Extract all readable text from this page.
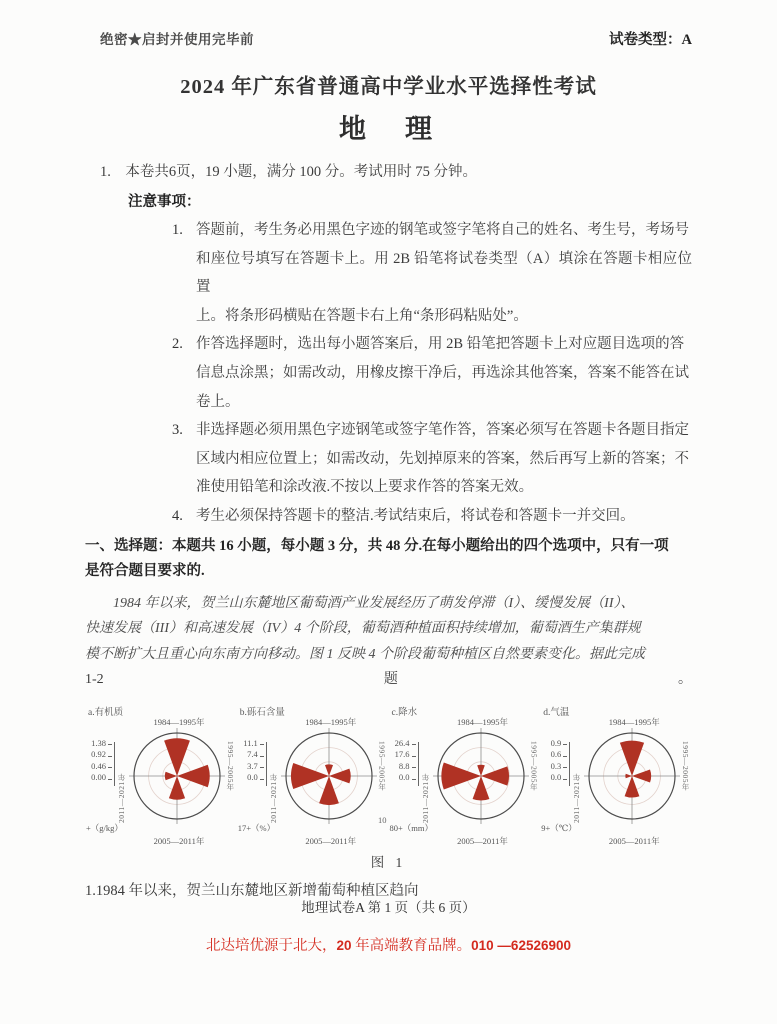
绝密★启封并使用完毕前	试卷类型：A
2024 年广东省普通高中学业水平选择性考试
地　理
1.　本卷共6页，19 小题，满分 100 分。考试用时 75 分钟。
注意事项：
1. 答题前，考生务必用黑色字迹的钢笔或签字笔将自己的姓名、考生号，考场号
和座位号填写在答题卡上。用 2B 铅笔将试卷类型（A）填涂在答题卡相应位置
上。将条形码横贴在答题卡右上角“条形码粘贴处”。
2. 作答选择题时，选出每小题答案后，用 2B 铅笔把答题卡上对应题目选项的答
信息点涂黑；如需改动，用橡皮擦干净后，再选涂其他答案，答案不能答在试
卷上。
3. 非选择题必须用黑色字迹钢笔或签字笔作答，答案必须写在答题卡各题目指定
区域内相应位置上；如需改动，先划掉原来的答案，然后再写上新的答案；不
准使用铅笔和涂改液.不按以上要求作答的答案无效。
4. 考生必须保持答题卡的整洁.考试结束后，将试卷和答题卡一并交回。
一、选择题：本题共 16 小题，每小题 3 分，共 48 分.在每小题给出的四个选项中，只有一项
是符合题目要求的.
1984 年以来，贺兰山东麓地区葡萄酒产业发展经历了萌发停滞（I）、缓慢发展（II）、
快速发展（III）和高速发展（IV）4 个阶段，葡萄酒种植面积持续增加，葡萄酒生产集群规
模不断扩大且重心向东南方向移动。图 1 反映 4 个阶段葡萄种植区自然要素变化。据此完成
1-2	题	。
a.有机质
1984—1995年
1.38
0.92
0.46
0.00	2011—2021年
1995—2005年
+（g/kg）
2005—2011年
b.砾石含量
1984—1995年
11.1
7.4
3.7
0.0	2011—2021年
1995—2005年
17+（%）
10
2005—2011年
c.降水
1984—1995年
26.4
17.6
8.8
0.0	2011—2021年
1995—2005年
80+（mm）
2005—2011年
d.气温
1984—1995年
0.9
0.6
0.3
0.0	2011—2021年
1995—2005年
9+（℃）
2005—2011年
图 1
1.1984 年以来，贺兰山东麓地区新增葡萄种植区趋向
地理试卷A 第 1 页（共 6 页）
北达培优源于北大，20 年高端教育品牌。010 —62526900
